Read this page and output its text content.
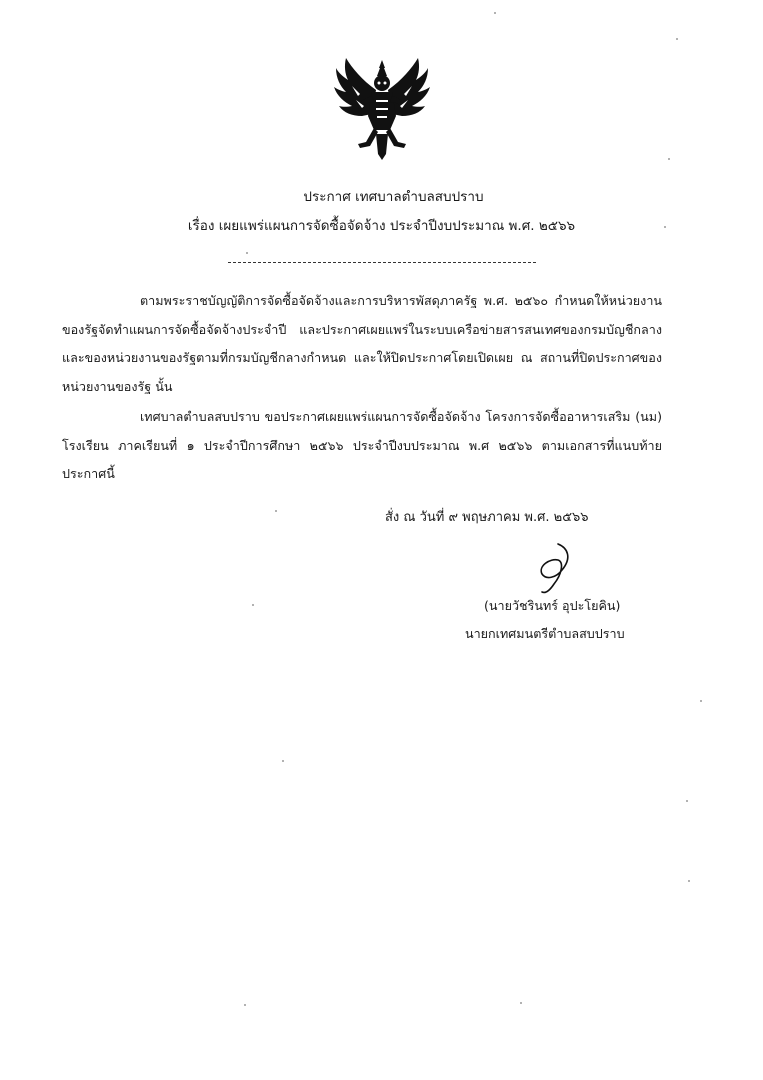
ประกาศ เทศบาลตำบลสบปราบ
เรื่อง เผยแพร่แผนการจัดซื้อจัดจ้าง ประจำปีงบประมาณ พ.ศ. ๒๕๖๖
ตามพระราชบัญญัติการจัดซื้อจัดจ้างและการบริหารพัสดุภาครัฐ พ.ศ. ๒๕๖๐ กำหนดให้หน่วยงานของรัฐจัดทำแผนการจัดซื้อจัดจ้างประจำปี และประกาศเผยแพร่ในระบบเครือข่ายสารสนเทศของกรมบัญชีกลางและของหน่วยงานของรัฐตามที่กรมบัญชีกลางกำหนด และให้ปิดประกาศโดยเปิดเผย ณ สถานที่ปิดประกาศของหน่วยงานของรัฐ นั้น
เทศบาลตำบลสบปราบ ขอประกาศเผยแพร่แผนการจัดซื้อจัดจ้าง โครงการจัดซื้ออาหารเสริม (นม) โรงเรียน ภาคเรียนที่ ๑ ประจำปีการศึกษา ๒๕๖๖ ประจำปีงบประมาณ พ.ศ ๒๕๖๖ ตามเอกสารที่แนบท้ายประกาศนี้
สั่ง ณ วันที่ ๙ พฤษภาคม พ.ศ. ๒๕๖๖
(นายวัชรินทร์ อุปะโยคิน)
นายกเทศมนตรีตำบลสบปราบ
